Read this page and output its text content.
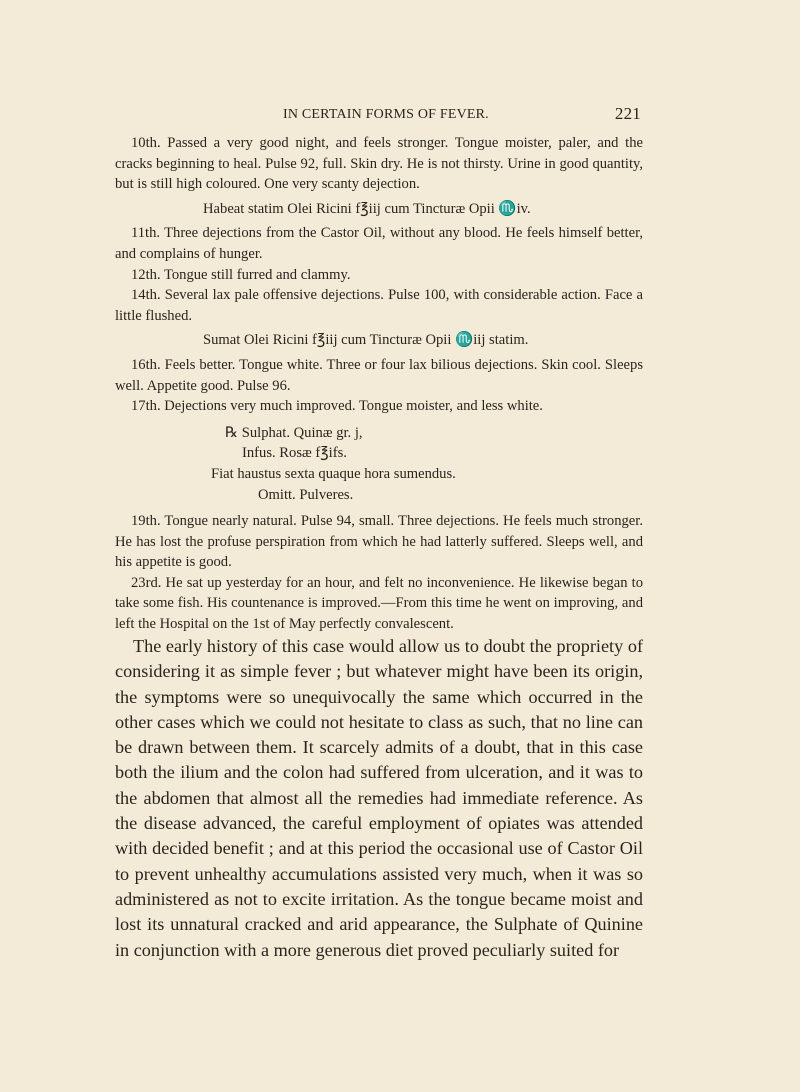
IN CERTAIN FORMS OF FEVER.	221

10th. Passed a very good night, and feels stronger. Tongue moister, paler, and the cracks beginning to heal. Pulse 92, full. Skin dry. He is not thirsty. Urine in good quantity, but is still high coloured. One very scanty dejection.

Habeat statim Olei Ricini f℥iij cum Tincturæ Opii ♏iv.

11th. Three dejections from the Castor Oil, without any blood. He feels himself better, and complains of hunger.

12th. Tongue still furred and clammy.

14th. Several lax pale offensive dejections. Pulse 100, with considerable action. Face a little flushed.

Sumat Olei Ricini f℥iij cum Tincturæ Opii ♏iij statim.

16th. Feels better. Tongue white. Three or four lax bilious dejections. Skin cool. Sleeps well. Appetite good. Pulse 96.

17th. Dejections very much improved. Tongue moister, and less white.

℞ Sulphat. Quinæ gr. j,
Infus. Rosæ f℥ifs.
Fiat haustus sexta quaque hora sumendus.
Omitt. Pulveres.

19th. Tongue nearly natural. Pulse 94, small. Three dejections. He feels much stronger. He has lost the profuse perspiration from which he had latterly suffered. Sleeps well, and his appetite is good.

23rd. He sat up yesterday for an hour, and felt no inconvenience. He likewise began to take some fish. His countenance is improved.—From this time he went on improving, and left the Hospital on the 1st of May perfectly convalescent.

The early history of this case would allow us to doubt the propriety of considering it as simple fever ; but whatever might have been its origin, the symptoms were so unequivocally the same which occurred in the other cases which we could not hesitate to class as such, that no line can be drawn between them. It scarcely admits of a doubt, that in this case both the ilium and the colon had suffered from ulceration, and it was to the abdomen that almost all the remedies had immediate reference. As the disease advanced, the careful employment of opiates was attended with decided benefit ; and at this period the occasional use of Castor Oil to prevent unhealthy accumulations assisted very much, when it was so administered as not to excite irritation. As the tongue became moist and lost its unnatural cracked and arid appearance, the Sulphate of Quinine in conjunction with a more generous diet proved peculiarly suited for
